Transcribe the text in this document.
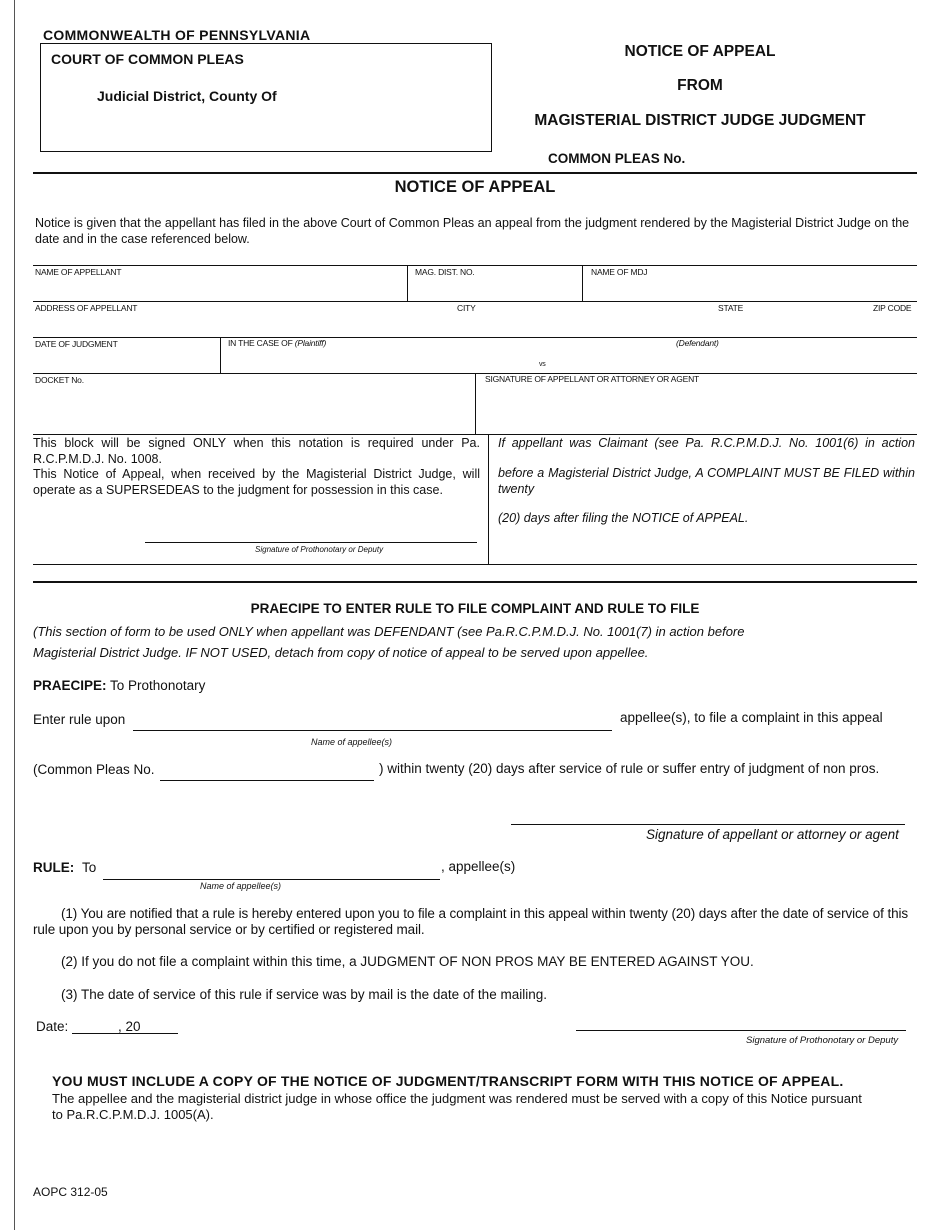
COMMONWEALTH OF PENNSYLVANIA
COURT OF COMMON PLEAS
Judicial District, County Of
NOTICE OF APPEAL
FROM
MAGISTERIAL DISTRICT JUDGE JUDGMENT
COMMON PLEAS No.
NOTICE OF APPEAL
Notice is given that the appellant has filed in the above Court of Common Pleas an appeal from the judgment rendered by the Magisterial District Judge on the date and in the case referenced below.
NAME OF APPELLANT	MAG. DIST. NO.	NAME OF MDJ
ADDRESS OF APPELLANT	CITY	STATE	ZIP CODE
DATE OF JUDGMENT	IN THE CASE OF (Plaintiff)	(Defendant)
vs
DOCKET No.	SIGNATURE OF APPELLANT OR ATTORNEY OR AGENT
This block will be signed ONLY when this notation is required under Pa. R.C.P.M.D.J. No. 1008.
This Notice of Appeal, when received by the Magisterial District Judge, will operate as a SUPERSEDEAS to the judgment for possession in this case.
Signature of Prothonotary or Deputy
If appellant was Claimant (see Pa. R.C.P.M.D.J. No. 1001(6) in action
before a Magisterial District Judge, A COMPLAINT MUST BE FILED within twenty
(20) days after filing the NOTICE of APPEAL.
PRAECIPE TO ENTER RULE TO FILE COMPLAINT AND RULE TO FILE
(This section of form to be used ONLY when appellant was DEFENDANT (see Pa.R.C.P.M.D.J. No. 1001(7) in action before
Magisterial District Judge. IF NOT USED, detach from copy of notice of appeal to be served upon appellee.
PRAECIPE: To Prothonotary
Enter rule upon	appellee(s), to file a complaint in this appeal
Name of appellee(s)
(Common Pleas No.	) within twenty (20) days after service of rule or suffer entry of judgment of non pros.
Signature of appellant or attorney or agent
RULE: To	, appellee(s)
Name of appellee(s)
(1) You are notified that a rule is hereby entered upon you to file a complaint in this appeal within twenty (20) days after the date of service of this rule upon you by personal service or by certified or registered mail.
(2) If you do not file a complaint within this time, a JUDGMENT OF NON PROS MAY BE ENTERED AGAINST YOU.
(3) The date of service of this rule if service was by mail is the date of the mailing.
Date:	, 20
Signature of Prothonotary or Deputy
YOU MUST INCLUDE A COPY OF THE NOTICE OF JUDGMENT/TRANSCRIPT FORM WITH THIS NOTICE OF APPEAL.
The appellee and the magisterial district judge in whose office the judgment was rendered must be served with a copy of this Notice pursuant to Pa.R.C.P.M.D.J. 1005(A).
AOPC 312-05
